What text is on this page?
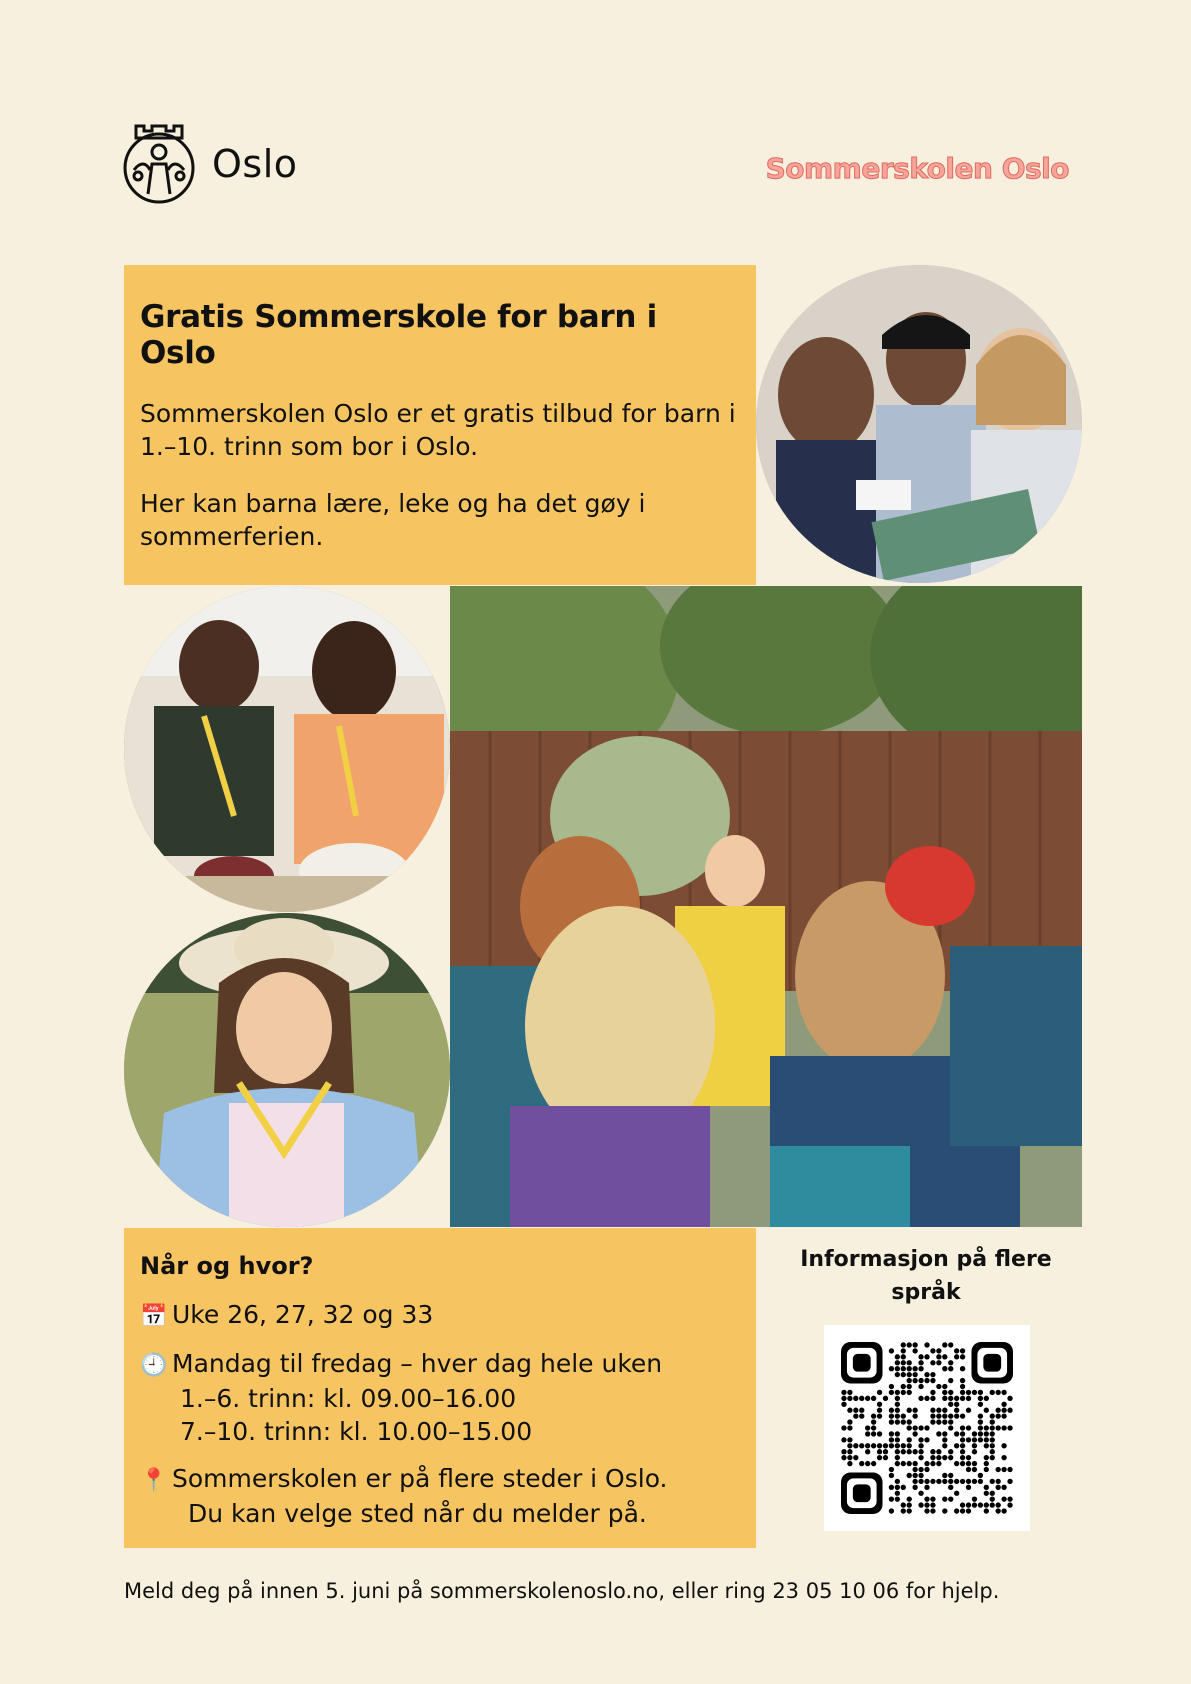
Oslo	Sommerskolen Oslo
Gratis Sommerskole for barn i Oslo

Sommerskolen Oslo er et gratis tilbud for barn i 1.–10. trinn som bor i Oslo.

Her kan barna lære, leke og ha det gøy i sommerferien.

Når og hvor?
📅 Uke 26, 27, 32 og 33
🕘 Mandag til fredag – hver dag hele uken
1.–6. trinn: kl. 09.00–16.00
7.–10. trinn: kl. 10.00–15.00
📍 Sommerskolen er på flere steder i Oslo.
Du kan velge sted når du melder på.
Informasjon på flere språk
Meld deg på innen 5. juni på sommerskolenoslo.no, eller ring 23 05 10 06 for hjelp.
